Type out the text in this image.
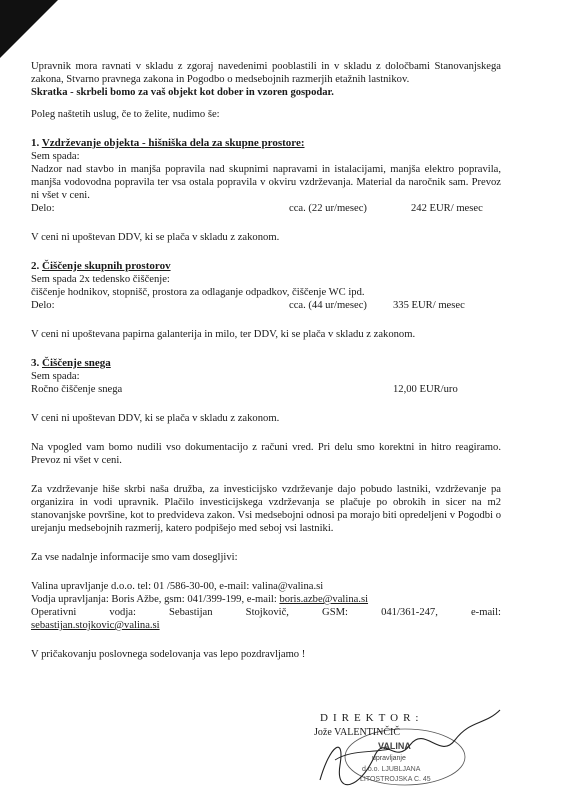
Upravnik mora ravnati v skladu z zgoraj navedenimi pooblastili in v skladu z določbami Stanovanjskega zakona, Stvarno pravnega zakona in Pogodbo o medsebojnih razmerjih etažnih lastnikov.

Skratka - skrbeli bomo za vaš objekt kot dober in vzoren gospodar.

Poleg naštetih uslug, če to želite, nudimo še:

1. Vzdrževanje objekta - hišniška dela za skupne prostore:

Sem spada:

Nadzor nad stavbo in manjša popravila nad skupnimi napravami in istalacijami, manjša elektro popravila, manjša vodovodna popravila ter vsa ostala popravila v okviru vzdrževanja. Material da naročnik sam. Prevoz ni všet v ceni.

Delo:	cca. (22 ur/mesec)	242 EUR/ mesec

V ceni ni upoštevan DDV, ki se plača v skladu z zakonom.

2. Čiščenje skupnih prostorov

Sem spada 2x tedensko čiščenje:

čiščenje hodnikov, stopnišč, prostora za odlaganje odpadkov, čiščenje WC ipd.

Delo:	cca. (44 ur/mesec) 335 EUR/ mesec

V ceni ni upoštevana papirna galanterija in milo, ter DDV, ki se plača v skladu z zakonom.

3. Čiščenje snega

Sem spada:

Ročno čiščenje snega	12,00 EUR/uro

V ceni ni upoštevan DDV, ki se plača v skladu z zakonom.

Na vpogled vam bomo nudili vso dokumentacijo z računi vred. Pri delu smo korektni in hitro reagiramo. Prevoz ni všet v ceni.

Za vzdrževanje hiše skrbi naša družba, za investicijsko vzdrževanje dajo pobudo lastniki, vzdrževanje pa organizira in vodi upravnik. Plačilo investicijskega vzdrževanja se plačuje po obrokih in sicer na m2 stanovanjske površine, kot to predvideva zakon. Vsi medsebojni odnosi pa morajo biti opredeljeni v Pogodbi o urejanju medsebojnih razmerij, katero podpišejo med seboj vsi lastniki.

Za vse nadalnje informacije smo vam dosegljivi:

Valina upravljanje d.o.o. tel: 01 /586-30-00, e-mail: valina@valina.si

Vodja upravljanja: Boris Ažbe, gsm: 041/399-199, e-mail: boris.azbe@valina.si

Operativni	vodja:	Sebastijan	Stojkovič,	GSM:	041/361-247,	e-mail:

sebastijan.stojkovic@valina.si

V pričakovanju poslovnega sodelovanja vas lepo pozdravljamo !

VALINA
upravljanje
d.o.o. LJUBLJANA
LITOSTROJSKA C. 45
DIREKTOR:
Jože VALENTINČIČ
